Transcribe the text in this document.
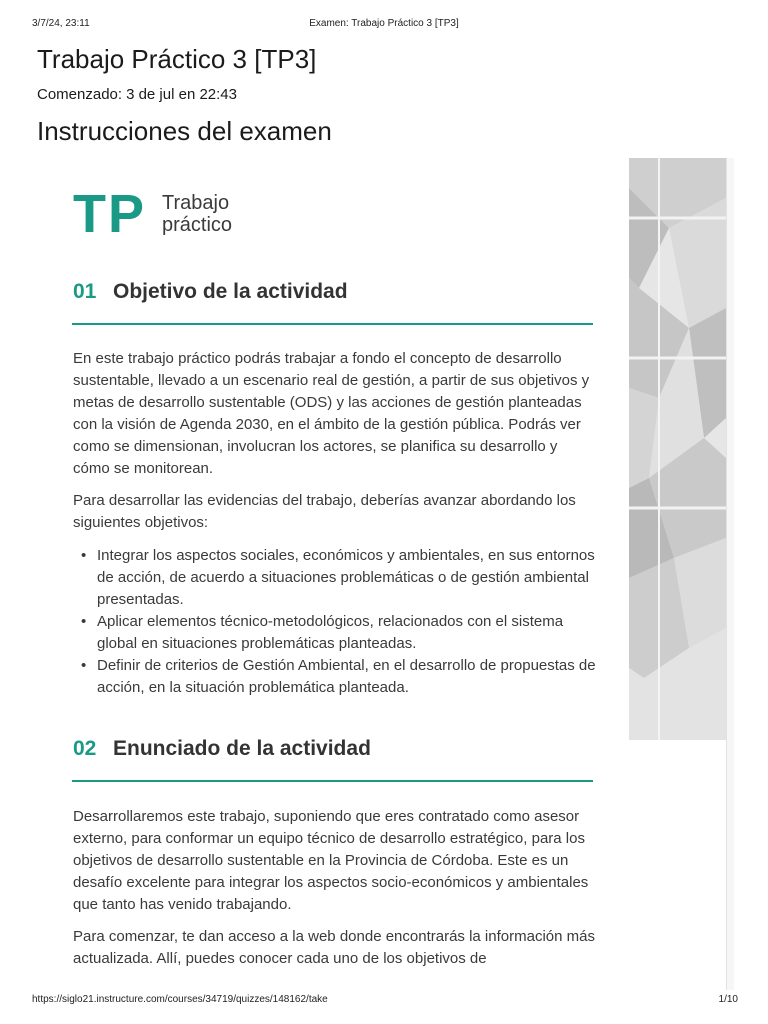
3/7/24, 23:11	Examen: Trabajo Práctico 3 [TP3]
Trabajo Práctico 3 [TP3]
Comenzado: 3 de jul en 22:43
Instrucciones del examen
TP Trabajo
práctico
01 Objetivo de la actividad

En este trabajo práctico podrás trabajar a fondo el concepto de desarrollo sustentable, llevado a un escenario real de gestión, a partir de sus objetivos y metas de desarrollo sustentable (ODS) y las acciones de gestión planteadas con la visión de Agenda 2030, en el ámbito de la gestión pública. Podrás ver como se dimensionan, involucran los actores, se planifica su desarrollo y cómo se monitorean.

Para desarrollar las evidencias del trabajo, deberías avanzar abordando los siguientes objetivos:

• Integrar los aspectos sociales, económicos y ambientales, en sus entornos de acción, de acuerdo a situaciones problemáticas o de gestión ambiental presentadas.
• Aplicar elementos técnico-metodológicos, relacionados con el sistema global en situaciones problemáticas planteadas.
• Definir de criterios de Gestión Ambiental, en el desarrollo de propuestas de acción, en la situación problemática planteada.
02 Enunciado de la actividad

Desarrollaremos este trabajo, suponiendo que eres contratado como asesor externo, para conformar un equipo técnico de desarrollo estratégico, para los objetivos de desarrollo sustentable en la Provincia de Córdoba. Este es un desafío excelente para integrar los aspectos socio-económicos y ambientales que tanto has venido trabajando.

Para comenzar, te dan acceso a la web donde encontrarás la información más actualizada. Allí, puedes conocer cada uno de los objetivos de

https://siglo21.instructure.com/courses/34719/quizzes/148162/take	1/10
